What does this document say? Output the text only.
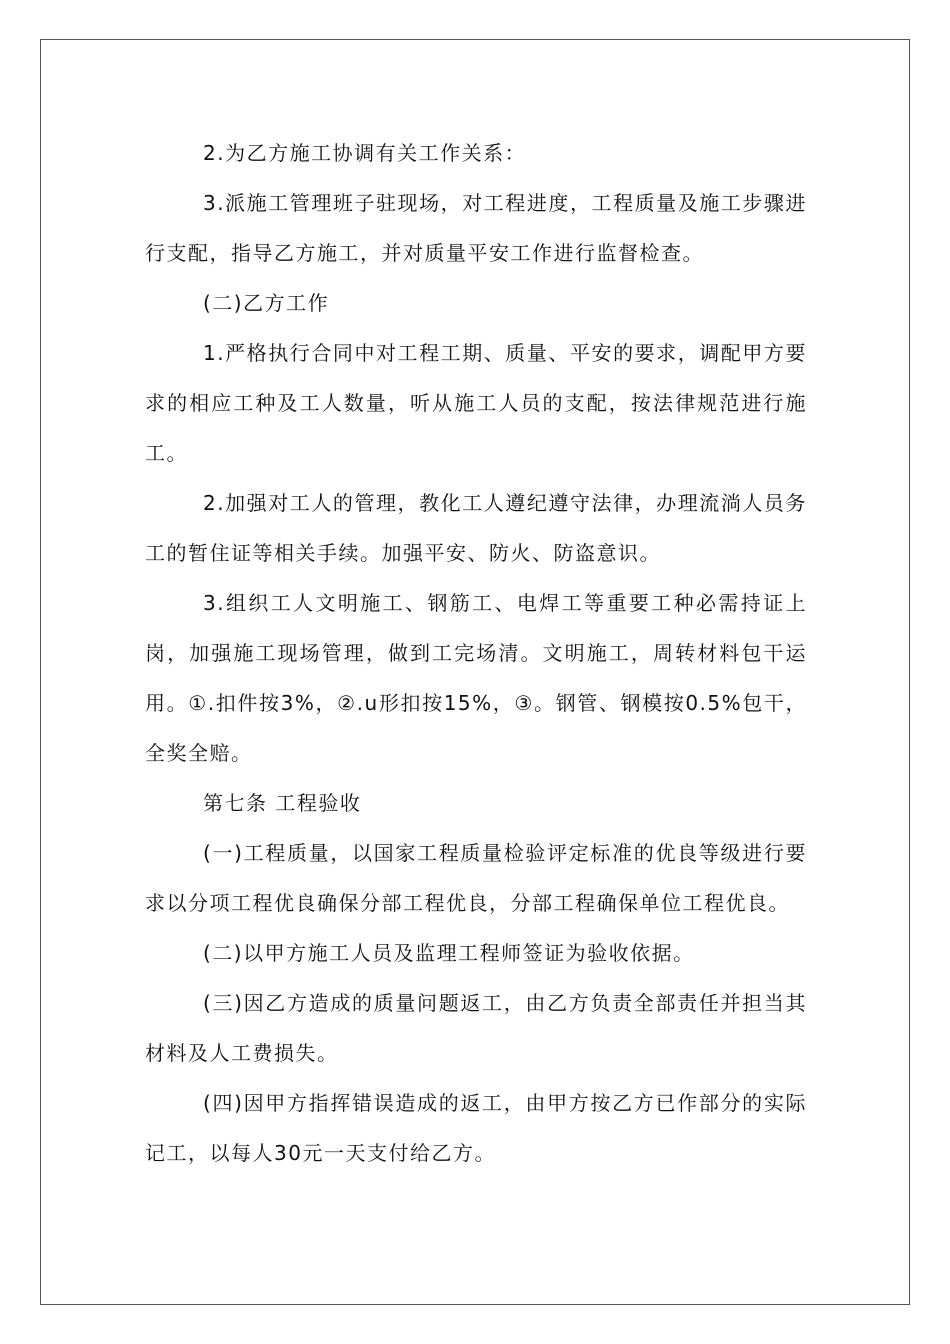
2.为乙方施工协调有关工作关系：

3.派施工管理班子驻现场，对工程进度，工程质量及施工步骤进行支配，指导乙方施工，并对质量平安工作进行监督检查。

(二)乙方工作

1.严格执行合同中对工程工期、质量、平安的要求，调配甲方要求的相应工种及工人数量，听从施工人员的支配，按法律规范进行施工。

2.加强对工人的管理，教化工人遵纪遵守法律，办理流淌人员务工的暂住证等相关手续。加强平安、防火、防盗意识。

3.组织工人文明施工、钢筋工、电焊工等重要工种必需持证上岗，加强施工现场管理，做到工完场清。文明施工，周转材料包干运用。①.扣件按3%，②.u形扣按15%，③。钢管、钢模按0.5%包干，全奖全赔。

第七条 工程验收

(一)工程质量，以国家工程质量检验评定标准的优良等级进行要求以分项工程优良确保分部工程优良，分部工程确保单位工程优良。

(二)以甲方施工人员及监理工程师签证为验收依据。

(三)因乙方造成的质量问题返工，由乙方负责全部责任并担当其材料及人工费损失。

(四)因甲方指挥错误造成的返工，由甲方按乙方已作部分的实际记工，以每人30元一天支付给乙方。
